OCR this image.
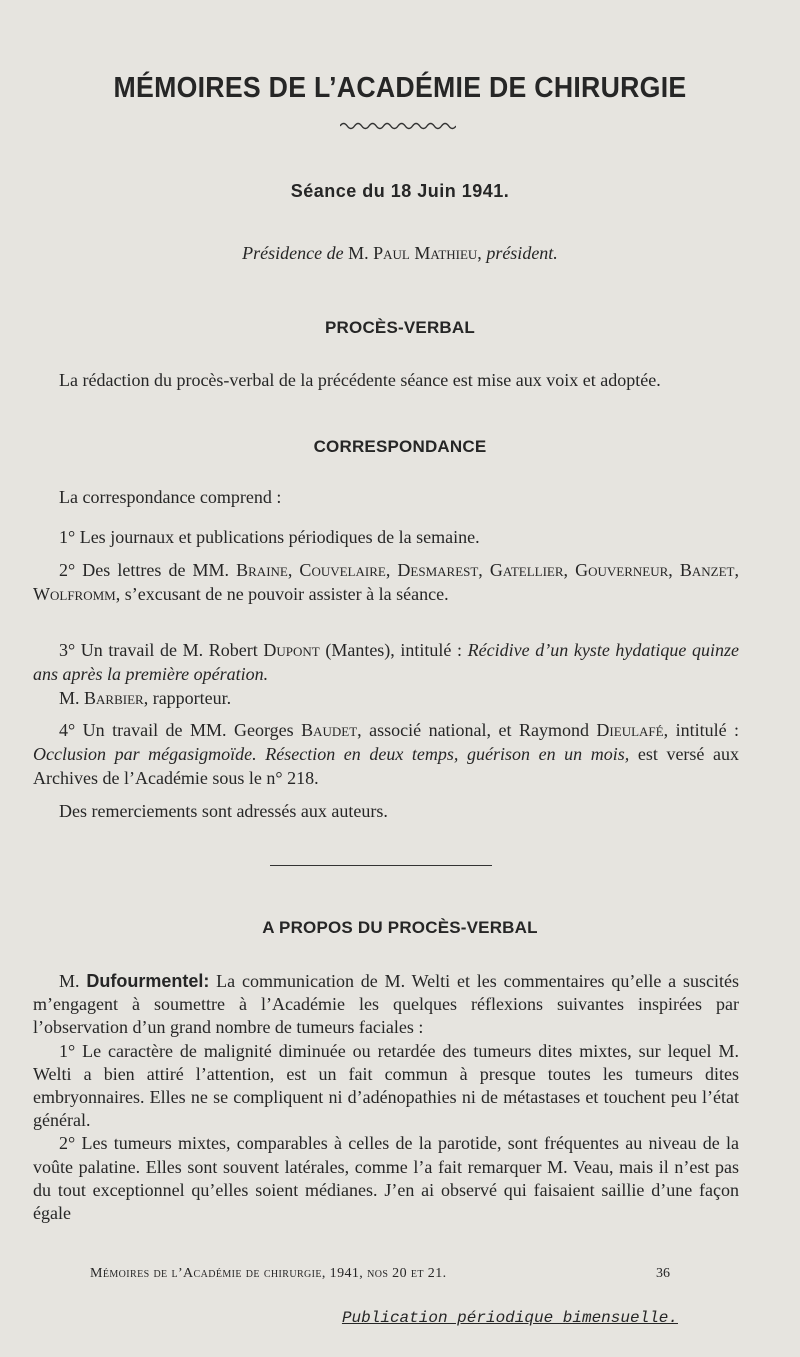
MÉMOIRES DE L’ACADÉMIE DE CHIRURGIE
Séance du 18 Juin 1941.
Présidence de M. Paul Mathieu, président.
PROCÈS-VERBAL
La rédaction du procès-verbal de la précédente séance est mise aux voix et adoptée.
CORRESPONDANCE
La correspondance comprend :
1° Les journaux et publications périodiques de la semaine.
2° Des lettres de MM. Braine, Couvelaire, Desmarest, Gatellier, Gouverneur, Banzet, Wolfromm, s’excusant de ne pouvoir assister à la séance.
3° Un travail de M. Robert Dupont (Mantes), intitulé : Récidive d’un kyste hydatique quinze ans après la première opération.
M. Barbier, rapporteur.
4° Un travail de MM. Georges Baudet, associé national, et Raymond Dieulafé, intitulé : Occlusion par mégasigmoïde. Résection en deux temps, guérison en un mois, est versé aux Archives de l’Académie sous le n° 218.
Des remerciements sont adressés aux auteurs.
A PROPOS DU PROCÈS-VERBAL

M. Dufourmentel: La communication de M. Welti et les commentaires qu’elle a suscités m’engagent à soumettre à l’Académie les quelques réflexions suivantes inspirées par l’observation d’un grand nombre de tumeurs faciales :

1° Le caractère de malignité diminuée ou retardée des tumeurs dites mixtes, sur lequel M. Welti a bien attiré l’attention, est un fait commun à presque toutes les tumeurs dites embryonnaires. Elles ne se compliquent ni d’adénopathies ni de métastases et touchent peu l’état général.

2° Les tumeurs mixtes, comparables à celles de la parotide, sont fréquentes au niveau de la voûte palatine. Elles sont souvent latérales, comme l’a fait remarquer M. Veau, mais il n’est pas du tout exceptionnel qu’elles soient médianes. J’en ai observé qui faisaient saillie d’une façon égale

Mémoires de l’Académie de chirurgie, 1941, nos 20 et 21.	36
Publication périodique bimensuelle.
